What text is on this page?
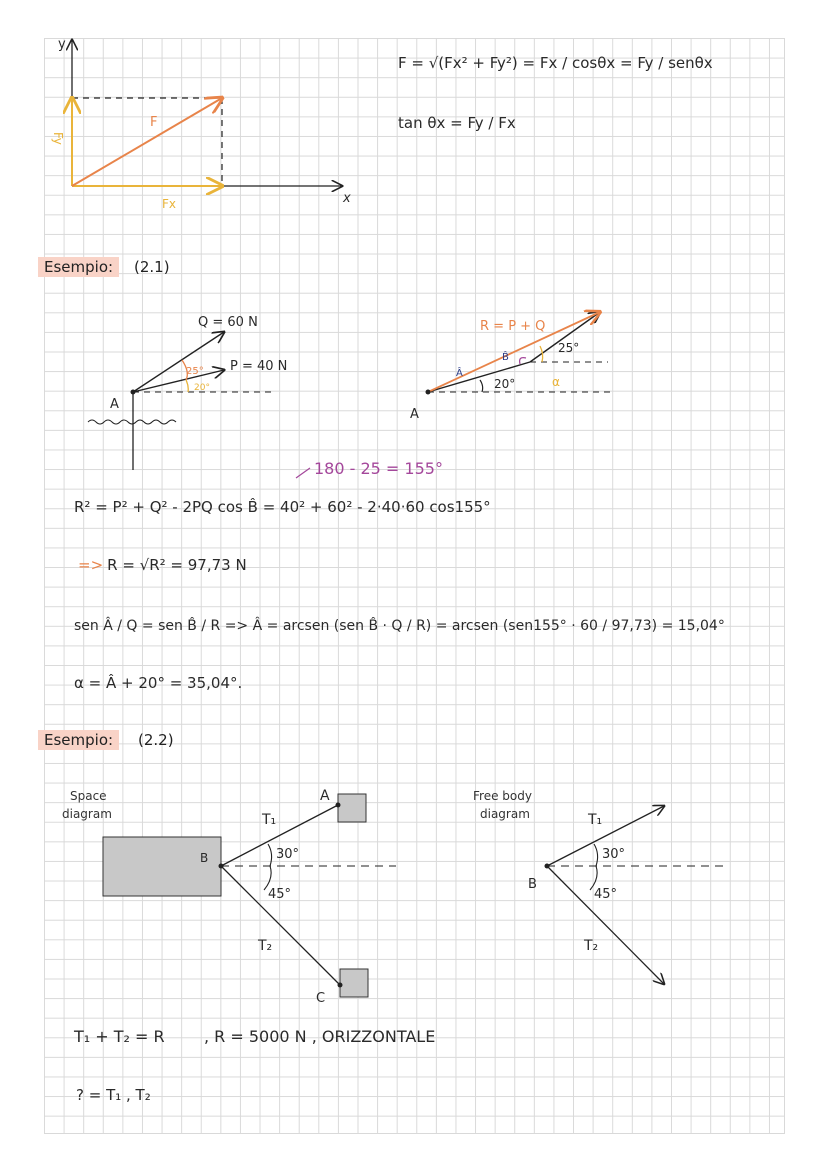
y
x
F
Fx
Fy
F = √(Fx² + Fy²) = Fx / cosθx = Fy / senθx
tan θx = Fy / Fx
Q = 60 N
P = 40 N
25°
20°
A
R = P + Q
25°
20°
Â
B̂
α
A
180 - 25 = 155°
R² = P² + Q² - 2PQ cos B̂ = 40² + 60² - 2·40·60 cos155°
=> R = √R² = 97,73 N
sen Â / Q = sen B̂ / R => Â = arcsen (sen B̂ · Q / R) = arcsen (sen155° · 60 / 97,73) = 15,04°
α = Â + 20° = 35,04°.
Space
diagram
B
A
C
T₁
T₂
30°
45°
Free body
diagram
B
T₁
T₂
30°
45°
T₁ + T₂ = R , R = 5000 N , ORIZZONTALE
? = T₁ , T₂
Esempio:	(2.1)
Esempio:	(2.2)
